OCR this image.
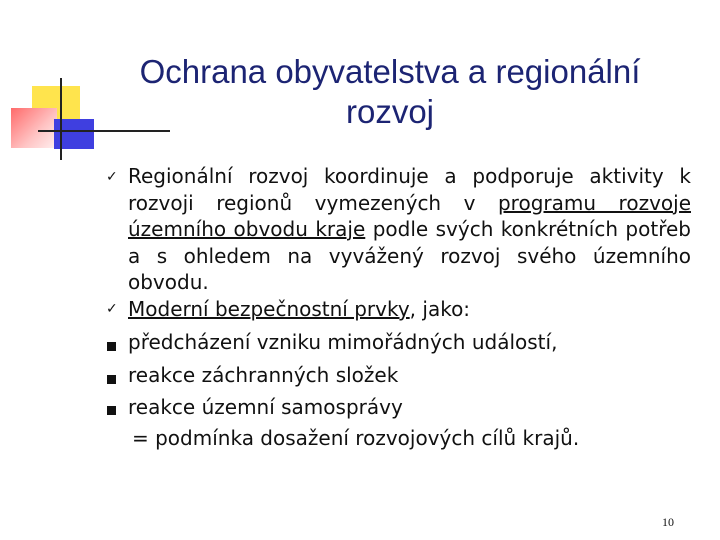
Ochrana obyvatelstva a regionální
rozvoj
✓
✓
Regionální rozvoj koordinuje a podporuje aktivity k rozvoji regionů vymezených v programu rozvoje územního obvodu kraje podle svých konkrétních potřeb a s ohledem na vyvážený rozvoj svého územního obvodu.
Moderní bezpečnostní prvky, jako:
předcházení vzniku mimořádných událostí,
reakce záchranných složek
reakce územní samosprávy
= podmínka dosažení rozvojových cílů krajů.
10
